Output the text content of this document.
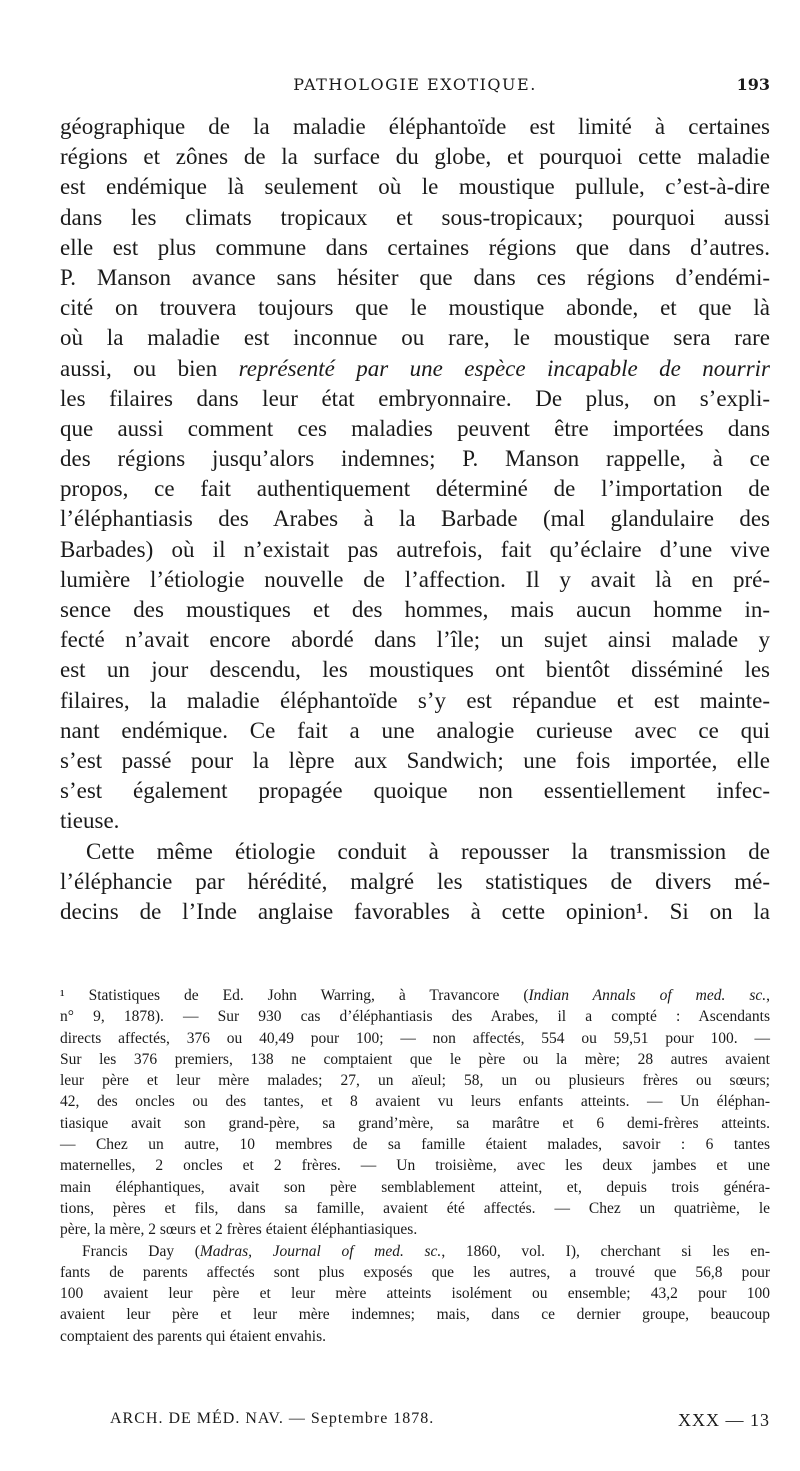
PATHOLOGIE EXOTIQUE.	193
géographique de la maladie éléphantoïde est limité à certaines
régions et zônes de la surface du globe, et pourquoi cette maladie
est endémique là seulement où le moustique pullule, c’est-à-dire
dans les climats tropicaux et sous-tropicaux; pourquoi aussi
elle est plus commune dans certaines régions que dans d’autres.
P. Manson avance sans hésiter que dans ces régions d’endémi-
cité on trouvera toujours que le moustique abonde, et que là
où la maladie est inconnue ou rare, le moustique sera rare
aussi, ou bien représenté par une espèce incapable de nourrir
les filaires dans leur état embryonnaire. De plus, on s’expli-
que aussi comment ces maladies peuvent être importées dans
des régions jusqu’alors indemnes; P. Manson rappelle, à ce
propos, ce fait authentiquement déterminé de l’importation de
l’éléphantiasis des Arabes à la Barbade (mal glandulaire des
Barbades) où il n’existait pas autrefois, fait qu’éclaire d’une vive
lumière l’étiologie nouvelle de l’affection. Il y avait là en pré-
sence des moustiques et des hommes, mais aucun homme in-
fecté n’avait encore abordé dans l’île; un sujet ainsi malade y
est un jour descendu, les moustiques ont bientôt disséminé les
filaires, la maladie éléphantoïde s’y est répandue et est mainte-
nant endémique. Ce fait a une analogie curieuse avec ce qui
s’est passé pour la lèpre aux Sandwich; une fois importée, elle
s’est également propagée quoique non essentiellement infec-
tieuse.
Cette même étiologie conduit à repousser la transmission de
l’éléphancie par hérédité, malgré les statistiques de divers mé-
decins de l’Inde anglaise favorables à cette opinion¹. Si on la
¹ Statistiques de Ed. John Warring, à Travancore (Indian Annals of med. sc.,
n° 9, 1878). — Sur 930 cas d’éléphantiasis des Arabes, il a compté : Ascendants
directs affectés, 376 ou 40,49 pour 100; — non affectés, 554 ou 59,51 pour 100. —
Sur les 376 premiers, 138 ne comptaient que le père ou la mère; 28 autres avaient
leur père et leur mère malades; 27, un aïeul; 58, un ou plusieurs frères ou sœurs;
42, des oncles ou des tantes, et 8 avaient vu leurs enfants atteints. — Un éléphan-
tiasique avait son grand-père, sa grand’mère, sa marâtre et 6 demi-frères atteints.
— Chez un autre, 10 membres de sa famille étaient malades, savoir : 6 tantes
maternelles, 2 oncles et 2 frères. — Un troisième, avec les deux jambes et une
main éléphantiques, avait son père semblablement atteint, et, depuis trois généra-
tions, pères et fils, dans sa famille, avaient été affectés. — Chez un quatrième, le
père, la mère, 2 sœurs et 2 frères étaient éléphantiasiques.
Francis Day (Madras, Journal of med. sc., 1860, vol. I), cherchant si les en-
fants de parents affectés sont plus exposés que les autres, a trouvé que 56,8 pour
100 avaient leur père et leur mère atteints isolément ou ensemble; 43,2 pour 100
avaient leur père et leur mère indemnes; mais, dans ce dernier groupe, beaucoup
comptaient des parents qui étaient envahis.
ARCH. DE MÉD. NAV. — Septembre 1878.	XXX — 13
